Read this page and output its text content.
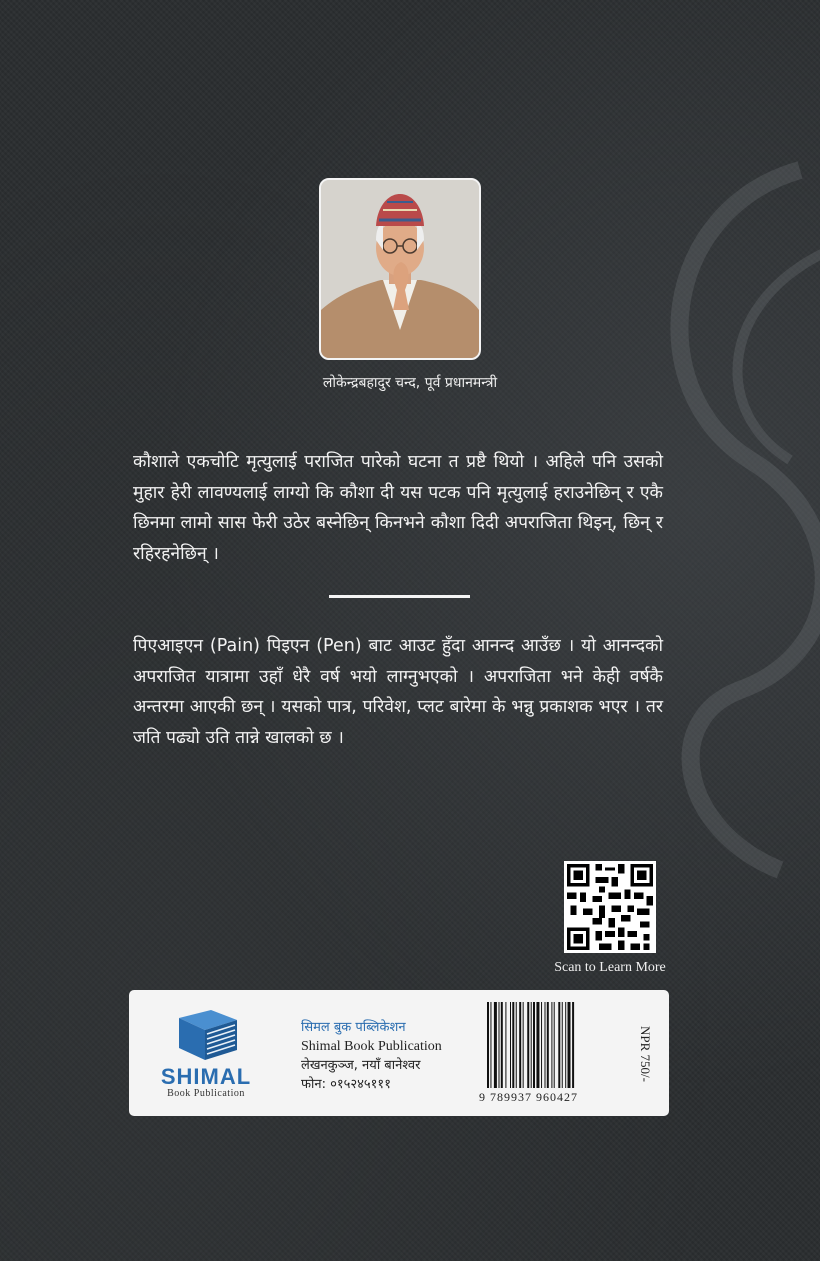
लोकेन्द्रबहादुर चन्द, पूर्व प्रधानमन्त्री
कौशाले एकचोटि मृत्युलाई पराजित पारेको घटना त प्रष्टै थियो । अहिले पनि उसको मुहार हेरी लावण्यलाई लाग्यो कि कौशा दी यस पटक पनि मृत्युलाई हराउनेछिन् र एकै छिनमा लामो सास फेरी उठेर बस्नेछिन् किनभने कौशा दिदी अपराजिता थिइन्, छिन् र रहिरहनेछिन् ।
पिएआइएन (Pain) पिइएन (Pen) बाट आउट हुँदा आनन्द आउँछ । यो आनन्दको अपराजित यात्रामा उहाँ धेरै वर्ष भयो लाग्नुभएको । अपराजिता भने केही वर्षकै अन्तरमा आएकी छन् । यसको पात्र, परिवेश, प्लट बारेमा के भन्नु प्रकाशक भएर । तर जति पढ्यो उति तान्ने खालको छ ।
Scan to Learn More
SHIMAL
Book Publication
सिमल बुक पब्लिकेशन
Shimal Book Publication
लेखनकुञ्ज, नयाँ बानेश्वर
फोन: ०१५२४५१११
9 789937 960427
NPR 750/-
